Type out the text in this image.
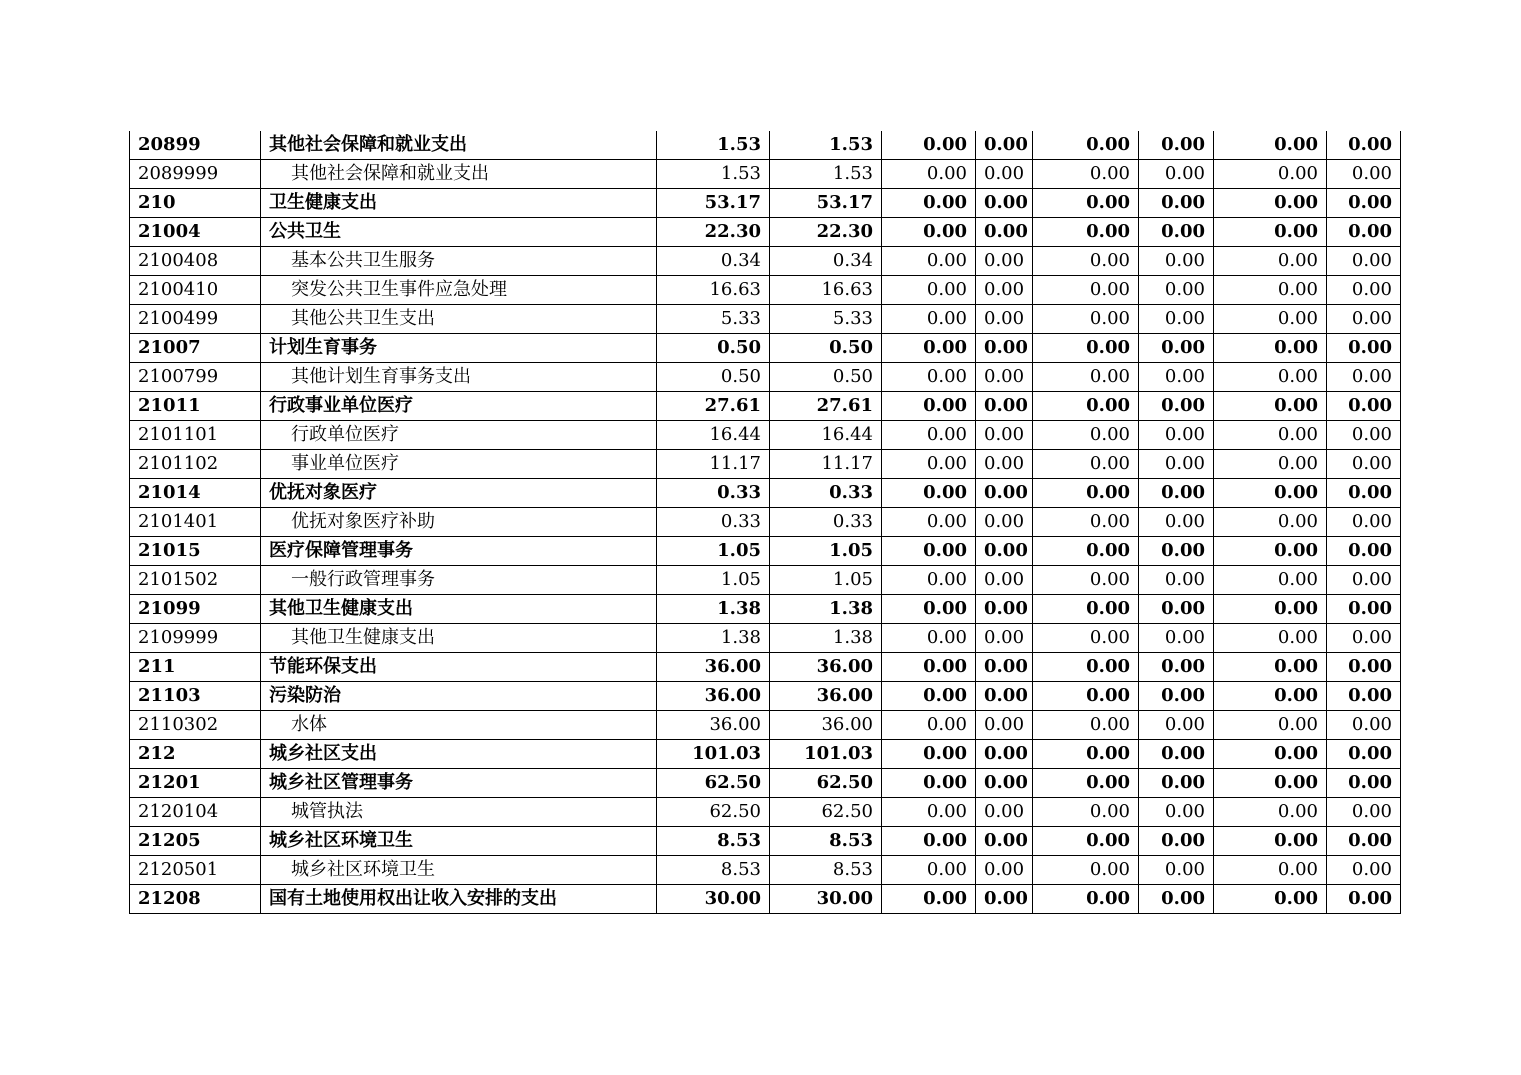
20899	其他社会保障和就业支出	1.53	1.53	0.00	0.00	0.00	0.00	0.00	0.00
2089999	其他社会保障和就业支出	1.53	1.53	0.00	0.00	0.00	0.00	0.00	0.00
210	卫生健康支出	53.17	53.17	0.00	0.00	0.00	0.00	0.00	0.00
21004	公共卫生	22.30	22.30	0.00	0.00	0.00	0.00	0.00	0.00
2100408	基本公共卫生服务	0.34	0.34	0.00	0.00	0.00	0.00	0.00	0.00
2100410	突发公共卫生事件应急处理	16.63	16.63	0.00	0.00	0.00	0.00	0.00	0.00
2100499	其他公共卫生支出	5.33	5.33	0.00	0.00	0.00	0.00	0.00	0.00
21007	计划生育事务	0.50	0.50	0.00	0.00	0.00	0.00	0.00	0.00
2100799	其他计划生育事务支出	0.50	0.50	0.00	0.00	0.00	0.00	0.00	0.00
21011	行政事业单位医疗	27.61	27.61	0.00	0.00	0.00	0.00	0.00	0.00
2101101	行政单位医疗	16.44	16.44	0.00	0.00	0.00	0.00	0.00	0.00
2101102	事业单位医疗	11.17	11.17	0.00	0.00	0.00	0.00	0.00	0.00
21014	优抚对象医疗	0.33	0.33	0.00	0.00	0.00	0.00	0.00	0.00
2101401	优抚对象医疗补助	0.33	0.33	0.00	0.00	0.00	0.00	0.00	0.00
21015	医疗保障管理事务	1.05	1.05	0.00	0.00	0.00	0.00	0.00	0.00
2101502	一般行政管理事务	1.05	1.05	0.00	0.00	0.00	0.00	0.00	0.00
21099	其他卫生健康支出	1.38	1.38	0.00	0.00	0.00	0.00	0.00	0.00
2109999	其他卫生健康支出	1.38	1.38	0.00	0.00	0.00	0.00	0.00	0.00
211	节能环保支出	36.00	36.00	0.00	0.00	0.00	0.00	0.00	0.00
21103	污染防治	36.00	36.00	0.00	0.00	0.00	0.00	0.00	0.00
2110302	水体	36.00	36.00	0.00	0.00	0.00	0.00	0.00	0.00
212	城乡社区支出	101.03	101.03	0.00	0.00	0.00	0.00	0.00	0.00
21201	城乡社区管理事务	62.50	62.50	0.00	0.00	0.00	0.00	0.00	0.00
2120104	城管执法	62.50	62.50	0.00	0.00	0.00	0.00	0.00	0.00
21205	城乡社区环境卫生	8.53	8.53	0.00	0.00	0.00	0.00	0.00	0.00
2120501	城乡社区环境卫生	8.53	8.53	0.00	0.00	0.00	0.00	0.00	0.00
21208	国有土地使用权出让收入安排的支出	30.00	30.00	0.00	0.00	0.00	0.00	0.00	0.00
